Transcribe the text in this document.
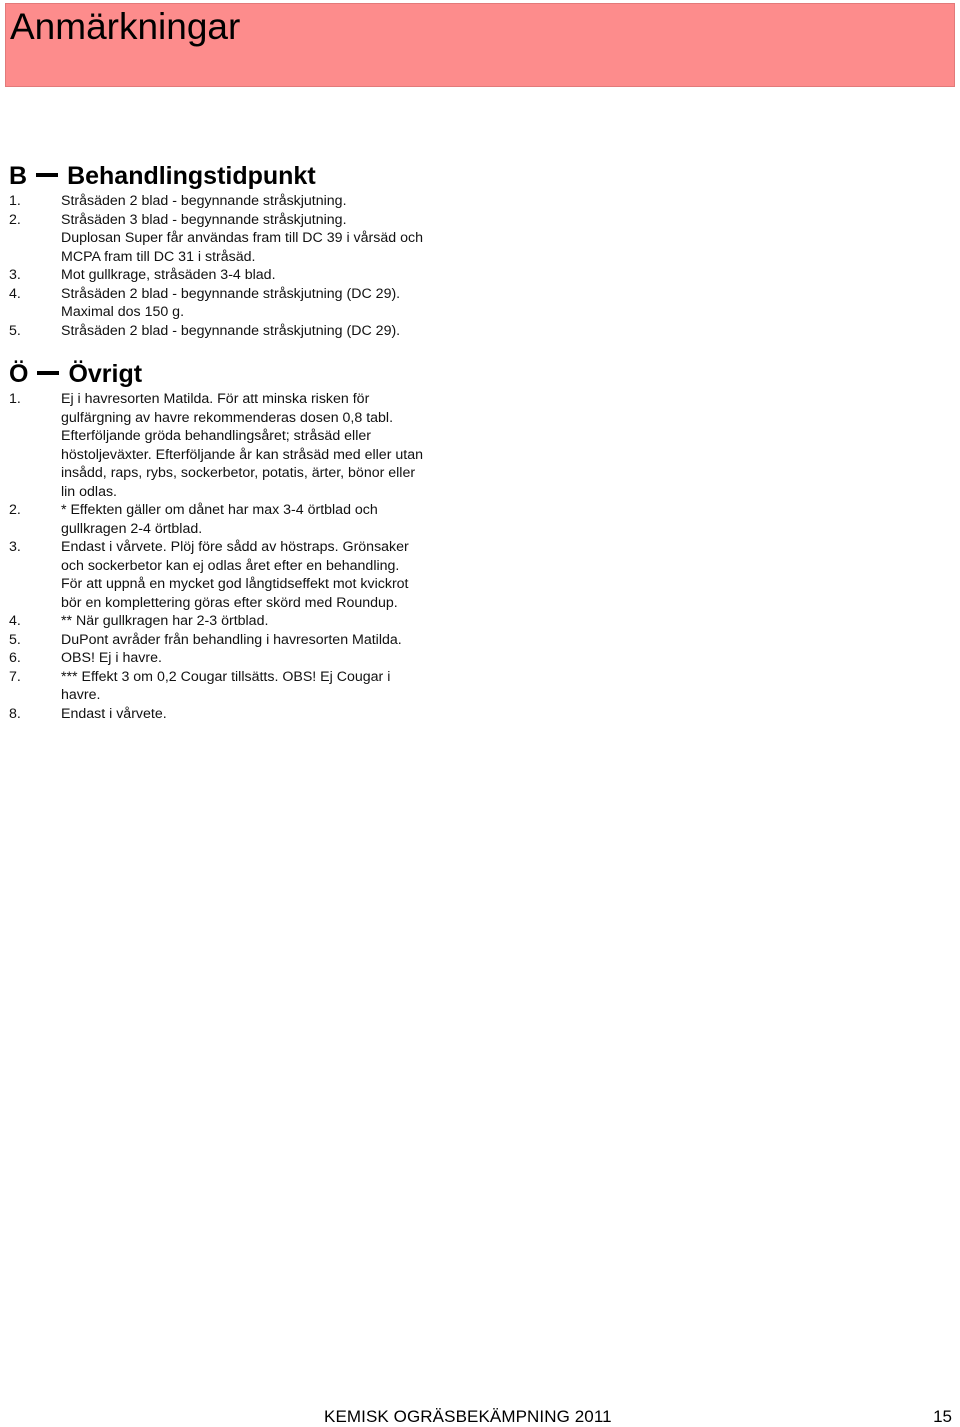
Anmärkningar
B Behandlingstidpunkt
1.	Stråsäden 2 blad - begynnande stråskjutning.
2.	Stråsäden 3 blad - begynnande stråskjutning.
Duplosan Super får användas fram till DC 39 i vårsäd och
MCPA fram till DC 31 i stråsäd.
3.	Mot gullkrage, stråsäden 3-4 blad.
4.	Stråsäden 2 blad - begynnande stråskjutning (DC 29).
Maximal dos 150 g.
5.	Stråsäden 2 blad - begynnande stråskjutning (DC 29).
Ö Övrigt
1.	Ej i havresorten Matilda. För att minska risken för
gulfärgning av havre rekommenderas dosen 0,8 tabl.
Efterföljande gröda behandlingsåret; stråsäd eller
höstoljeväxter. Efterföljande år kan stråsäd med eller utan
insådd, raps, rybs, sockerbetor, potatis, ärter, bönor eller
lin odlas.
2.	* Effekten gäller om dånet har max 3-4 örtblad och
gullkragen 2-4 örtblad.
3.	Endast i vårvete. Plöj före sådd av höstraps. Grönsaker
och sockerbetor kan ej odlas året efter en behandling.
För att uppnå en mycket god långtidseffekt mot kvickrot
bör en komplettering göras efter skörd med Roundup.
4.	** När gullkragen har 2-3 örtblad.
5.	DuPont avråder från behandling i havresorten Matilda.
6.	OBS! Ej i havre.
7.	*** Effekt 3 om 0,2 Cougar tillsätts. OBS! Ej Cougar i
havre.
8.	Endast i vårvete.
KEMISK OGRÄSBEKÄMPNING 2011	15
